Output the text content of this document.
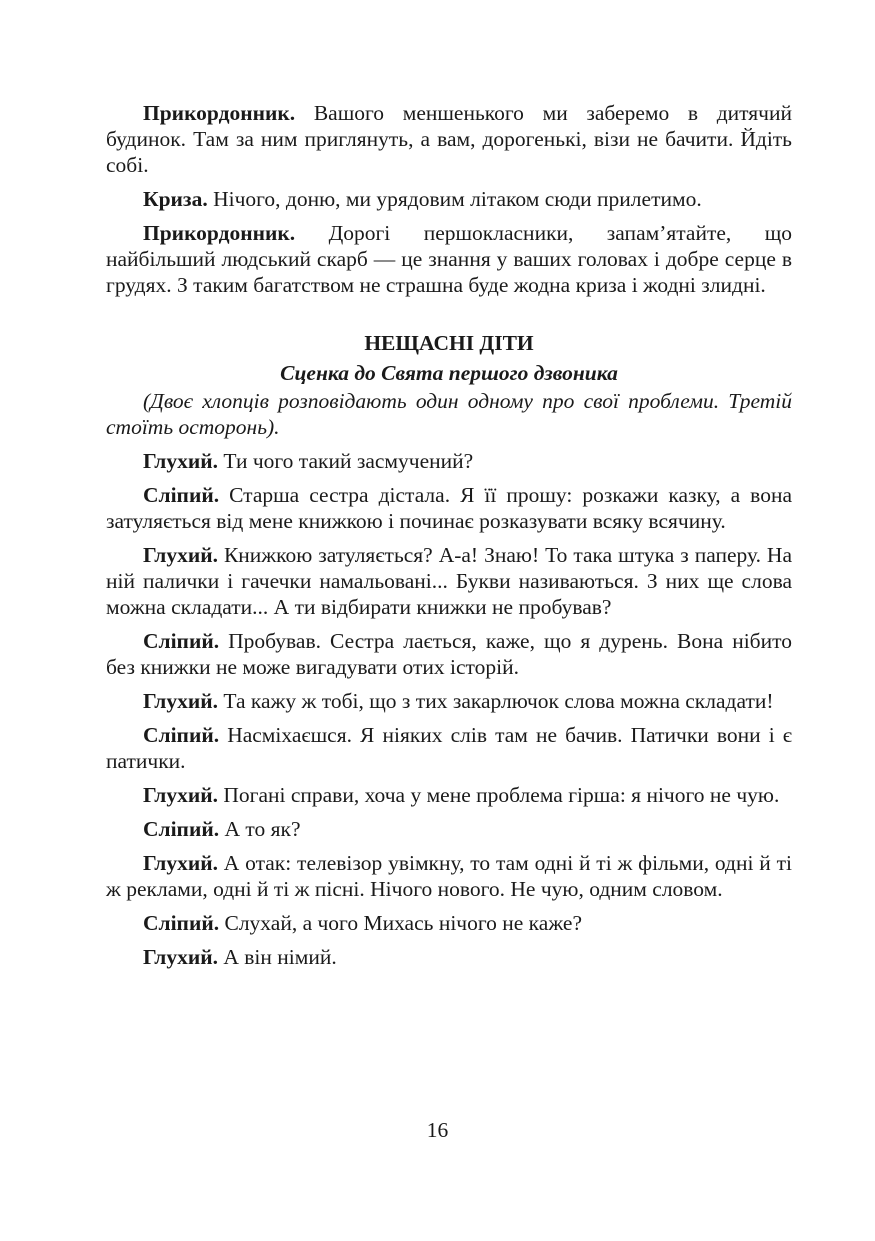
Прикордонник. Вашого меншенького ми заберемо в дитячий будинок. Там за ним приглянуть, а вам, дорогенькі, візи не бачити. Йдіть собі.

Криза. Нічого, доню, ми урядовим літаком сюди прилетимо.

Прикордонник. Дорогі першокласники, запам’ятайте, що найбільший людський скарб — це знання у ваших головах і добре серце в грудях. З таким багатством не страшна буде жодна криза і жодні злидні.

НЕЩАСНІ ДІТИ
Сценка до Свята першого дзвоника

(Двоє хлопців розповідають один одному про свої проблеми. Третій стоїть осторонь).

Глухий. Ти чого такий засмучений?

Сліпий. Старша сестра дістала. Я її прошу: розкажи казку, а вона затуляється від мене книжкою і починає розказувати всяку всячину.

Глухий. Книжкою затуляється? А-а! Знаю! То така штука з паперу. На ній палички і гачечки намальовані... Букви називаються. З них ще слова можна складати... А ти відбирати книжки не пробував?

Сліпий. Пробував. Сестра лається, каже, що я дурень. Вона нібито без книжки не може вигадувати отих історій.

Глухий. Та кажу ж тобі, що з тих закарлючок слова можна складати!

Сліпий. Насміхаєшся. Я ніяких слів там не бачив. Патички вони і є патички.

Глухий. Погані справи, хоча у мене проблема гірша: я нічого не чую.

Сліпий. А то як?

Глухий. А отак: телевізор увімкну, то там одні й ті ж фільми, одні й ті ж реклами, одні й ті ж пісні. Нічого нового. Не чую, одним словом.

Сліпий. Слухай, а чого Михась нічого не каже?

Глухий. А він німий.

16
